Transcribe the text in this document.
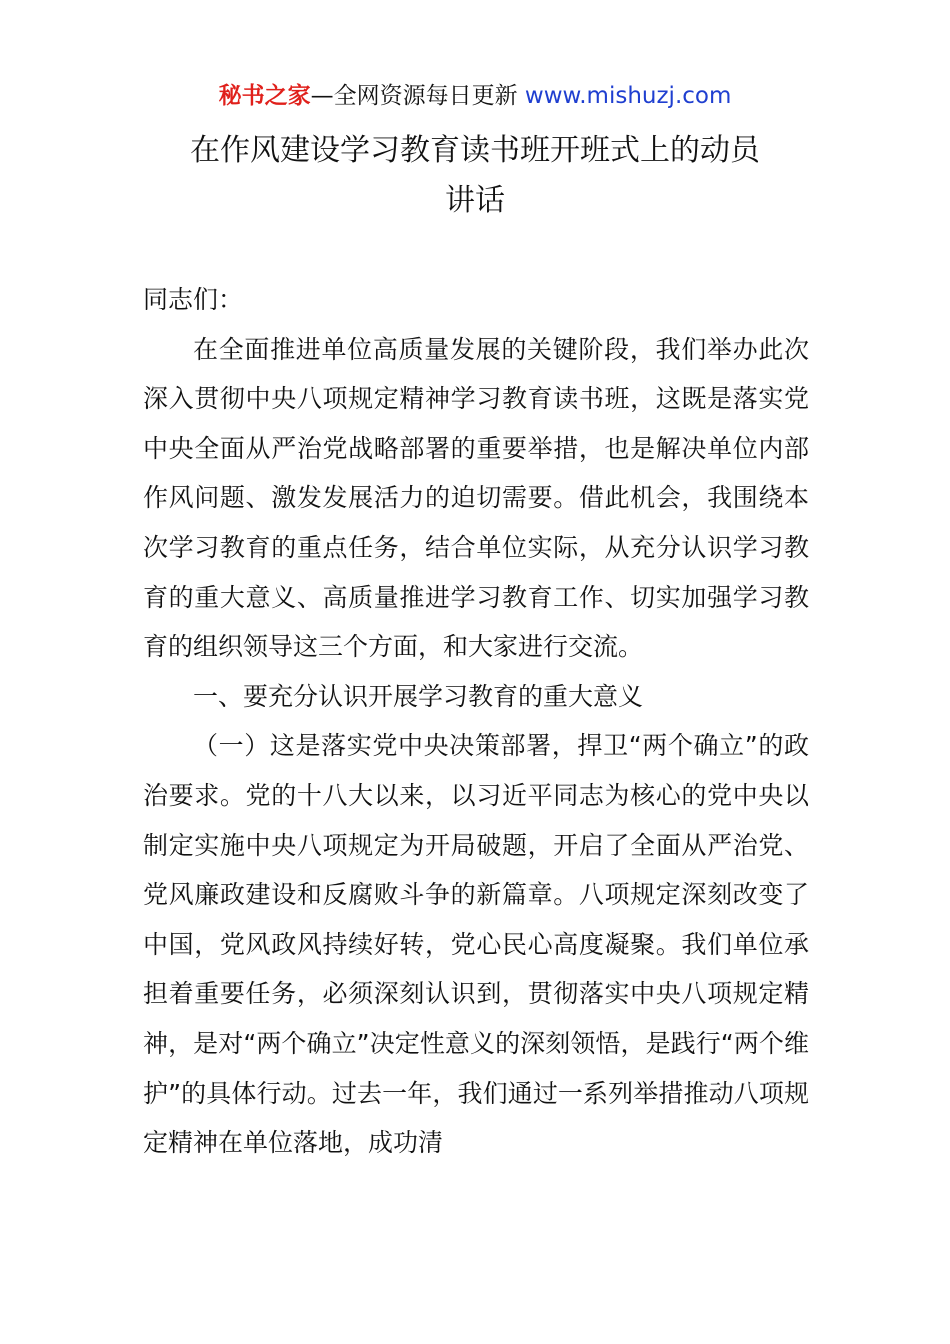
秘书之家—全网资源每日更新 www.mishuzj.com
在作风建设学习教育读书班开班式上的动员
讲话

同志们：

在全面推进单位高质量发展的关键阶段，我们举办此次深入贯彻中央八项规定精神学习教育读书班，这既是落实党中央全面从严治党战略部署的重要举措，也是解决单位内部作风问题、激发发展活力的迫切需要。借此机会，我围绕本次学习教育的重点任务，结合单位实际，从充分认识学习教育的重大意义、高质量推进学习教育工作、切实加强学习教育的组织领导这三个方面，和大家进行交流。

一、要充分认识开展学习教育的重大意义

（一）这是落实党中央决策部署，捍卫“两个确立”的政治要求。党的十八大以来，以习近平同志为核心的党中央以制定实施中央八项规定为开局破题，开启了全面从严治党、党风廉政建设和反腐败斗争的新篇章。八项规定深刻改变了中国，党风政风持续好转，党心民心高度凝聚。我们单位承担着重要任务，必须深刻认识到，贯彻落实中央八项规定精神，是对“两个确立”决定性意义的深刻领悟，是践行“两个维护”的具体行动。过去一年，我们通过一系列举措推动八项规定精神在单位落地，成功清
